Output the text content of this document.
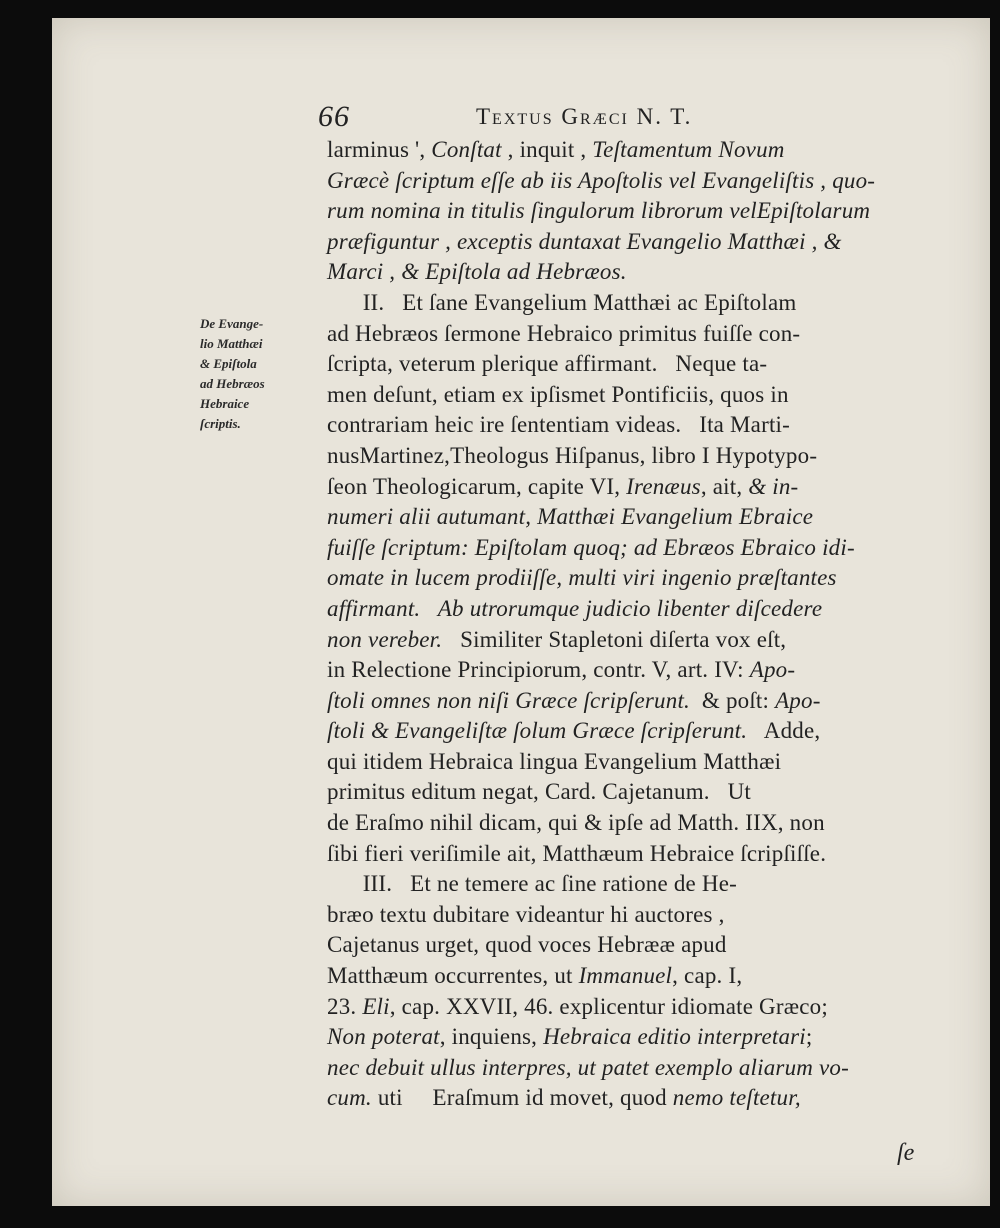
66	Textus Græci N. T.
De Evange-
lio Matthæi
& Epiſtola
ad Hebræos
Hebraice
ſcriptis.
larminus ', Conſtat , inquit , Teſtamentum Novum
Græcè ſcriptum eſſe ab iis Apoſtolis vel Evangeliſtis , quo-
rum nomina in titulis ſingulorum librorum velEpiſtolarum
præfiguntur , exceptis duntaxat Evangelio Matthæi , &
Marci , & Epiſtola ad Hebræos.
II.   Et ſane Evangelium Matthæi ac Epiſtolam
ad Hebræos ſermone Hebraico primitus fuiſſe con-
ſcripta, veterum plerique affirmant.   Neque ta-
men deſunt, etiam ex ipſismet Pontificiis, quos in
contrariam heic ire ſententiam videas.   Ita Marti-
nusMartinez,Theologus Hiſpanus, libro I Hypotypo-
ſeon Theologicarum, capite VI, Irenæus, ait, & in-
numeri alii autumant, Matthæi Evangelium Ebraice
fuiſſe ſcriptum: Epiſtolam quoq; ad Ebræos Ebraico idi-
omate in lucem prodiiſſe, multi viri ingenio præſtantes
affirmant.   Ab utrorumque judicio libenter diſcedere
non vereber.   Similiter Stapletoni diſerta vox eſt,
in Relectione Principiorum, contr. V, art. IV: Apo-
ſtoli omnes non niſi Græce ſcripſerunt.  & poſt: Apo-
ſtoli & Evangeliſtæ ſolum Græce ſcripſerunt.   Adde,
qui itidem Hebraica lingua Evangelium Matthæi
primitus editum negat, Card. Cajetanum.   Ut
de Eraſmo nihil dicam, qui & ipſe ad Matth. IIX, non
ſibi fieri veriſimile ait, Matthæum Hebraice ſcripſiſſe.
III.   Et ne temere ac ſine ratione de He-
bræo textu dubitare videantur hi auctores ,
Cajetanus urget, quod voces Hebrææ apud
Matthæum occurrentes, ut Immanuel, cap. I,
23. Eli, cap. XXVII, 46. explicentur idiomate Græco;
Non poterat, inquiens, Hebraica editio interpretari;
nec debuit ullus interpres, ut patet exemplo aliarum vo-
cum. uti     Eraſmum id movet, quod nemo teſtetur,
ſe
